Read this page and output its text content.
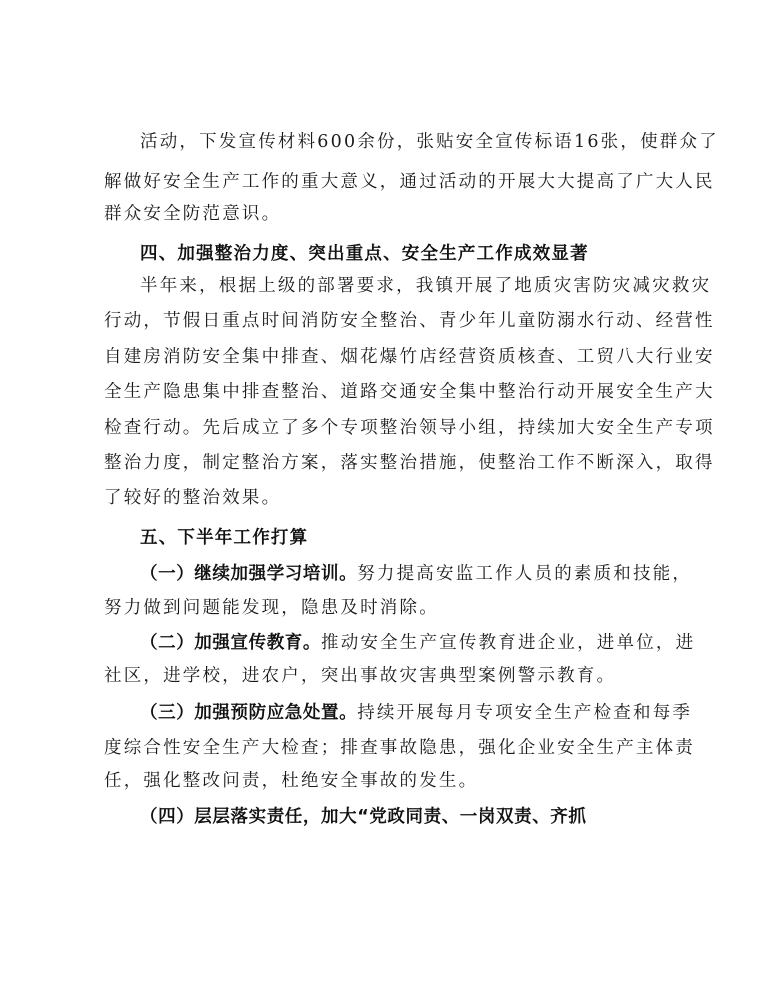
活动，下发宣传材料600余份，张贴安全宣传标语16张，使群众了
解做好安全生产工作的重大意义，通过活动的开展大大提高了广大人民
群众安全防范意识。
四、加强整治力度、突出重点、安全生产工作成效显著
半年来，根据上级的部署要求，我镇开展了地质灾害防灾减灾救灾
行动，节假日重点时间消防安全整治、青少年儿童防溺水行动、经营性
自建房消防安全集中排查、烟花爆竹店经营资质核查、工贸八大行业安
全生产隐患集中排查整治、道路交通安全集中整治行动开展安全生产大
检查行动。先后成立了多个专项整治领导小组，持续加大安全生产专项
整治力度，制定整治方案，落实整治措施，使整治工作不断深入，取得
了较好的整治效果。
五、下半年工作打算
（一）继续加强学习培训。努力提高安监工作人员的素质和技能，
努力做到问题能发现，隐患及时消除。
（二）加强宣传教育。推动安全生产宣传教育进企业，进单位，进
社区，进学校，进农户，突出事故灾害典型案例警示教育。
（三）加强预防应急处置。持续开展每月专项安全生产检查和每季
度综合性安全生产大检查；排查事故隐患，强化企业安全生产主体责
任，强化整改问责，杜绝安全事故的发生。
（四）层层落实责任，加大“党政同责、一岗双责、齐抓
